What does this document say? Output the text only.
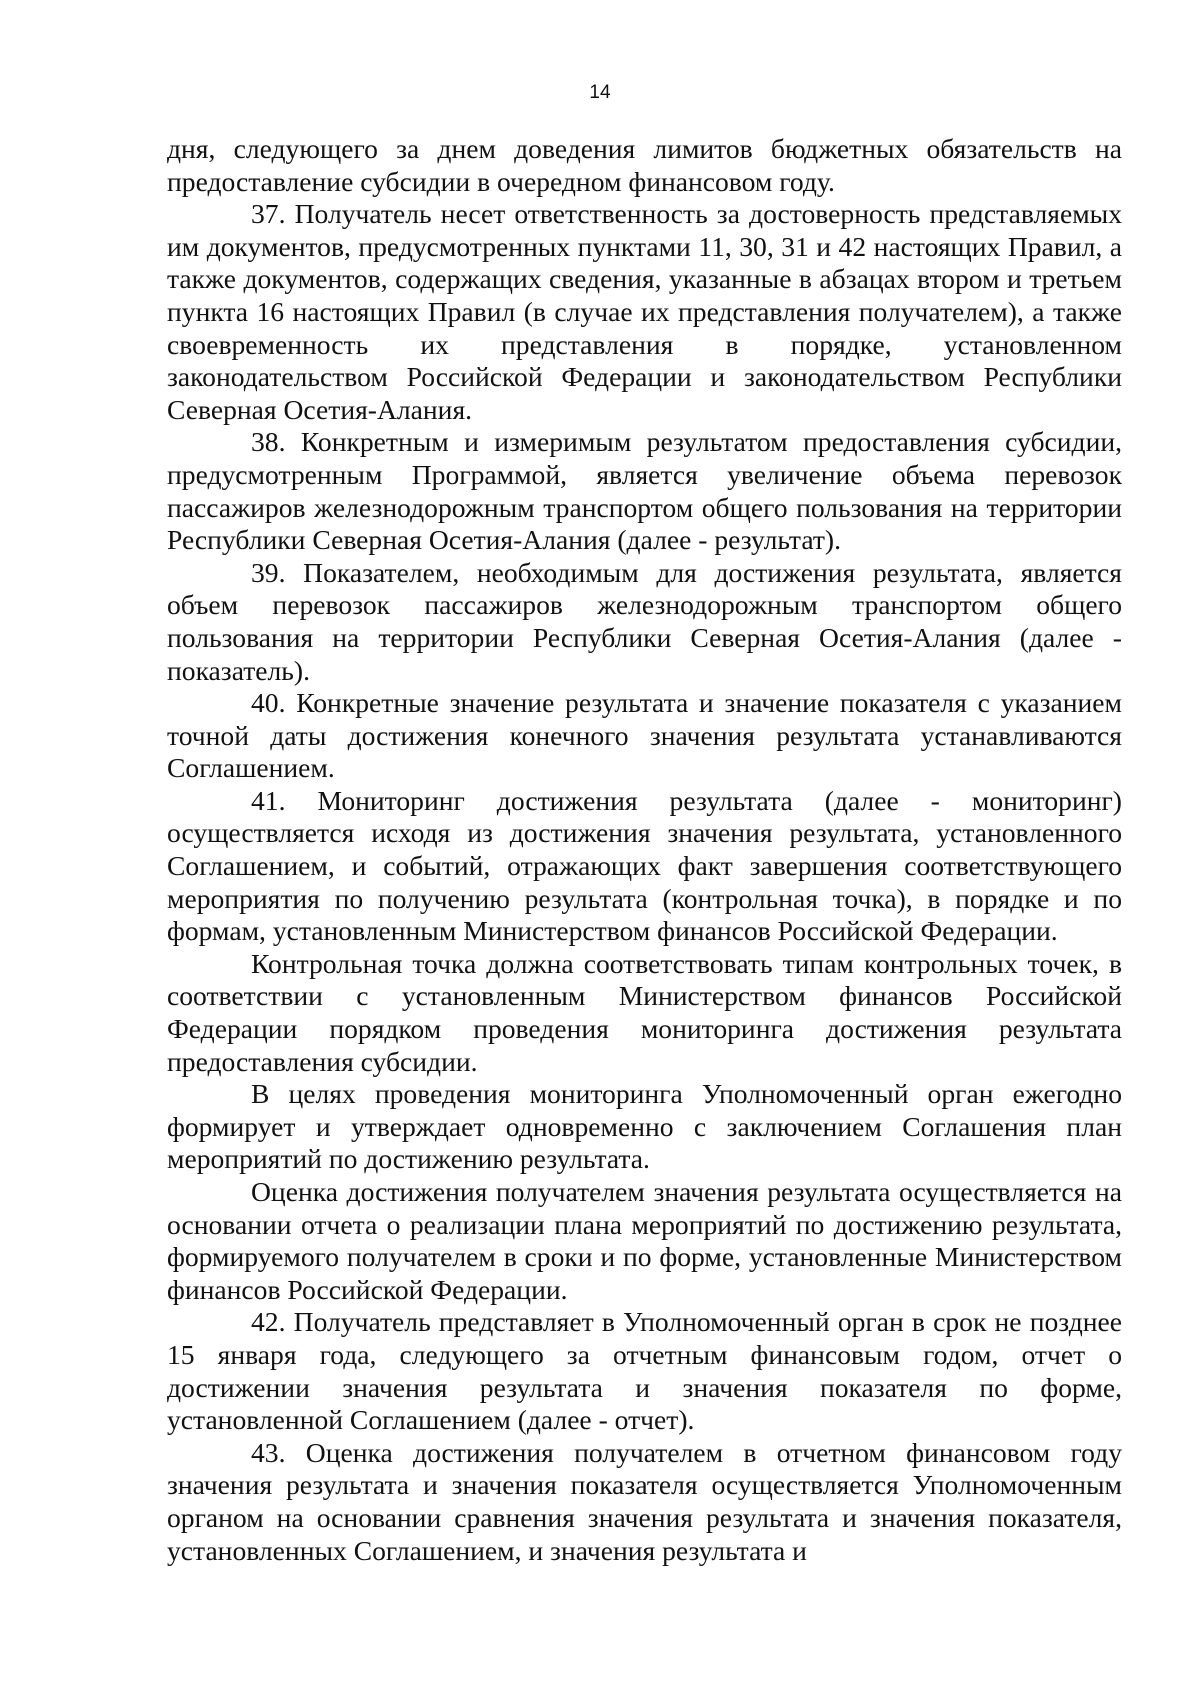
14

дня, следующего за днем доведения лимитов бюджетных обязательств на предоставление субсидии в очередном финансовом году.

37. Получатель несет ответственность за достоверность представляемых им документов, предусмотренных пунктами 11, 30, 31 и 42 настоящих Правил, а также документов, содержащих сведения, указанные в абзацах втором и третьем пункта 16 настоящих Правил (в случае их представления получателем), а также своевременность их представления в порядке, установленном законодательством Российской Федерации и законодательством Республики Северная Осетия-Алания.

38. Конкретным и измеримым результатом предоставления субсидии, предусмотренным Программой, является увеличение объема перевозок пассажиров железнодорожным транспортом общего пользования на территории Республики Северная Осетия-Алания (далее - результат).

39. Показателем, необходимым для достижения результата, является объем перевозок пассажиров железнодорожным транспортом общего пользования на территории Республики Северная Осетия-Алания (далее - показатель).

40. Конкретные значение результата и значение показателя с указанием точной даты достижения конечного значения результата устанавливаются Соглашением.

41. Мониторинг достижения результата (далее - мониторинг) осуществляется исходя из достижения значения результата, установленного Соглашением, и событий, отражающих факт завершения соответствующего мероприятия по получению результата (контрольная точка), в порядке и по формам, установленным Министерством финансов Российской Федерации.

Контрольная точка должна соответствовать типам контрольных точек, в соответствии с установленным Министерством финансов Российской Федерации порядком проведения мониторинга достижения результата предоставления субсидии.

В целях проведения мониторинга Уполномоченный орган ежегодно формирует и утверждает одновременно с заключением Соглашения план мероприятий по достижению результата.

Оценка достижения получателем значения результата осуществляется на основании отчета о реализации плана мероприятий по достижению результата, формируемого получателем в сроки и по форме, установленные Министерством финансов Российской Федерации.

42. Получатель представляет в Уполномоченный орган в срок не позднее 15 января года, следующего за отчетным финансовым годом, отчет о достижении значения результата и значения показателя по форме, установленной Соглашением (далее - отчет).

43. Оценка достижения получателем в отчетном финансовом году значения результата и значения показателя осуществляется Уполномоченным органом на основании сравнения значения результата и значения показателя, установленных Соглашением, и значения результата и
